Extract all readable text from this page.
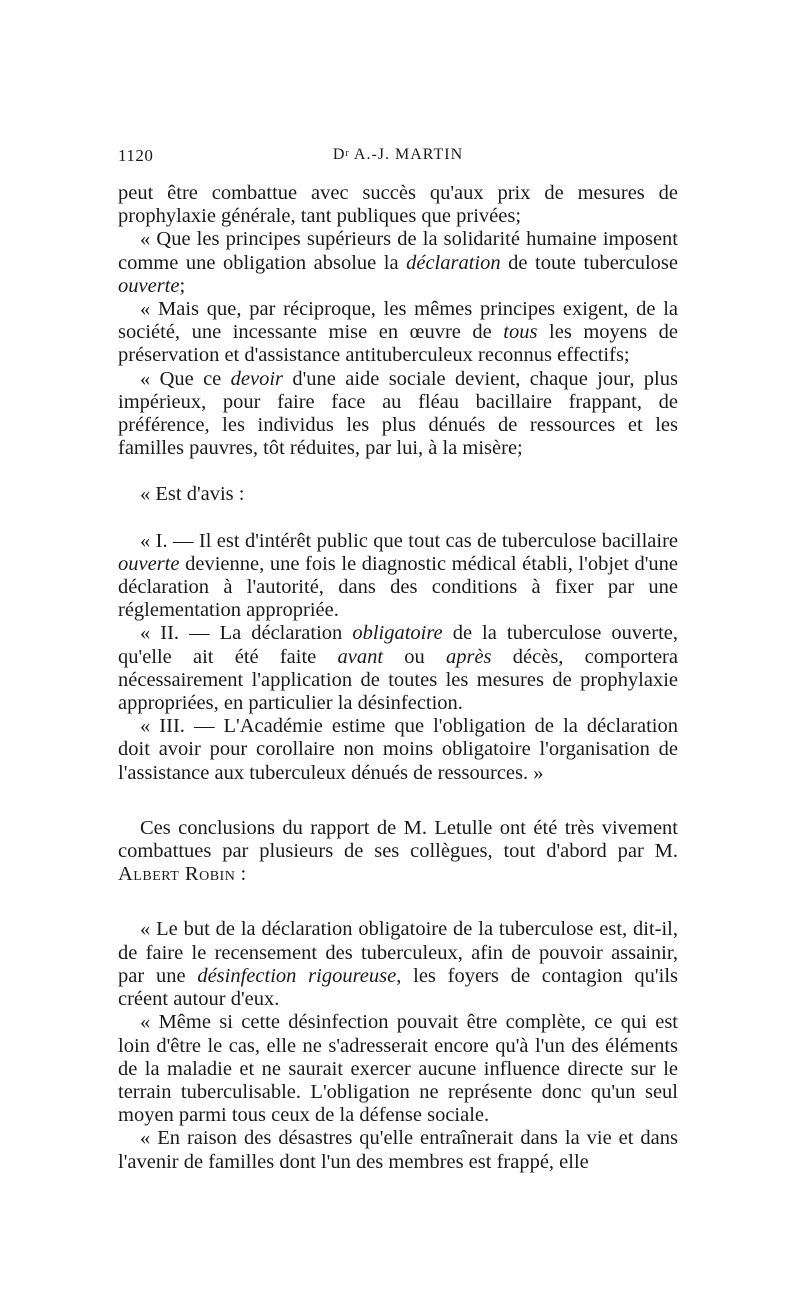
1120	$D^r$ A.-J. MARTIN

peut être combattue avec succès qu'aux prix de mesures de prophylaxie générale, tant publiques que privées;

« Que les principes supérieurs de la solidarité humaine imposent comme une obligation absolue la déclaration de toute tuberculose ouverte;

« Mais que, par réciproque, les mêmes principes exigent, de la société, une incessante mise en œuvre de tous les moyens de préservation et d'assistance antituberculeux reconnus effectifs;

« Que ce devoir d'une aide sociale devient, chaque jour, plus impérieux, pour faire face au fléau bacillaire frappant, de préférence, les individus les plus dénués de ressources et les familles pauvres, tôt réduites, par lui, à la misère;

« Est d'avis :

« I. — Il est d'intérêt public que tout cas de tuberculose bacillaire ouverte devienne, une fois le diagnostic médical établi, l'objet d'une déclaration à l'autorité, dans des conditions à fixer par une réglementation appropriée.

« II. — La déclaration obligatoire de la tuberculose ouverte, qu'elle ait été faite avant ou après décès, comportera nécessairement l'application de toutes les mesures de prophylaxie appropriées, en particulier la désinfection.

« III. — L'Académie estime que l'obligation de la déclaration doit avoir pour corollaire non moins obligatoire l'organisation de l'assistance aux tuberculeux dénués de ressources. »

Ces conclusions du rapport de M. Letulle ont été très vivement combattues par plusieurs de ses collègues, tout d'abord par M. Albert Robin :

« Le but de la déclaration obligatoire de la tuberculose est, dit-il, de faire le recensement des tuberculeux, afin de pouvoir assainir, par une désinfection rigoureuse, les foyers de contagion qu'ils créent autour d'eux.

« Même si cette désinfection pouvait être complète, ce qui est loin d'être le cas, elle ne s'adresserait encore qu'à l'un des éléments de la maladie et ne saurait exercer aucune influence directe sur le terrain tuberculisable. L'obligation ne représente donc qu'un seul moyen parmi tous ceux de la défense sociale.

« En raison des désastres qu'elle entraînerait dans la vie et dans l'avenir de familles dont l'un des membres est frappé, elle
